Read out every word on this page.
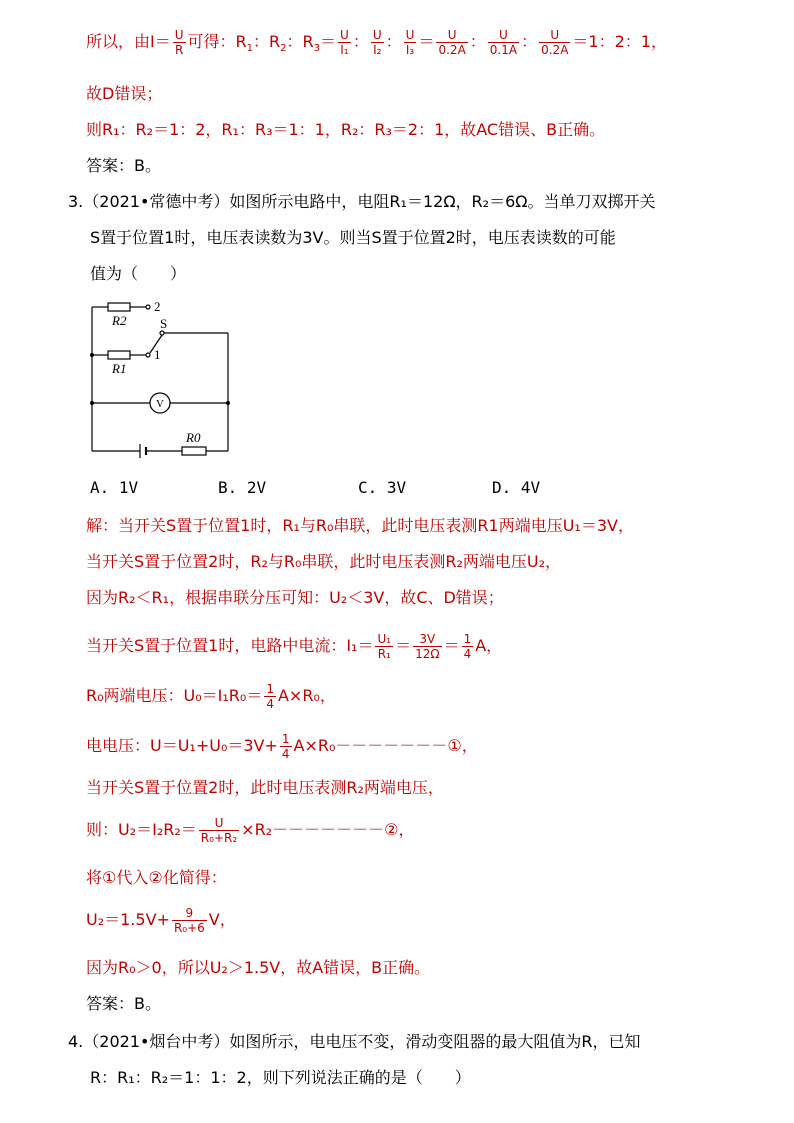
所以，由$I= \frac{U}{R}$ 可得：$R_1$：$R_2$：$R_3= \frac{U}{\text{I₁}}$ ： $\frac{U}{\text{I₂}}$ ： $\frac{U}{\text{I₃}} = \frac{U}{0.2A}$ ： $\frac{U}{0.1A}$ ： $\frac{U}{0.2A} =1$：2：1，
故D错误；
则R₁：R₂＝1：2，R₁：R₃＝1：1，R₂：R₃＝2：1，故AC错误、B正确。
答案：B。
3.（2021•常德中考）如图所示电路中，电阻R₁＝12Ω，R₂＝6Ω。当单刀双掷开关
S置于位置1时，电压表读数为3V。则当S置于位置2时，电压表读数的可能
值为（　　）
2
S
1
R2
R1
R0
V
A. 1V	B. 2V	C. 3V	D. 4V
解：当开关S置于位置1时，R₁与R₀串联，此时电压表测R1两端电压U₁＝3V，
当开关S置于位置2时，R₂与R₀串联，此时电压表测R₂两端电压U₂，
因为R₂＜R₁，根据串联分压可知：U₂＜3V，故C、D错误；
当开关S置于位置1时，电路中电流：$I_1= \frac{\text{U₁}}{\text{R₁}} = \frac{3V}{12\Omega} = \frac{1}{4}$ A，
R₀两端电压：$U_0=I_1R_0= \frac{1}{4} A\times R_0$，
电电压：$U=U_1+U_0=3V+ \frac{1}{4}$ A×R₀－－－－－－－①，
当开关S置于位置2时，此时电压表测R₂两端电压，
则：$U_2=I_2R_2= \frac{U}{\text{R₀+R₂}}$ ×R₂－－－－－－－②，
将①代入②化简得：
$U_2=1.5V+ \frac{9}{\text{R₀+6}}$ V，
因为R₀＞0，所以U₂＞1.5V，故A错误，B正确。
答案：B。
4.（2021•烟台中考）如图所示，电电压不变，滑动变阻器的最大阻值为R，已知
R：R₁：R₂＝1：1：2，则下列说法正确的是（　　）
